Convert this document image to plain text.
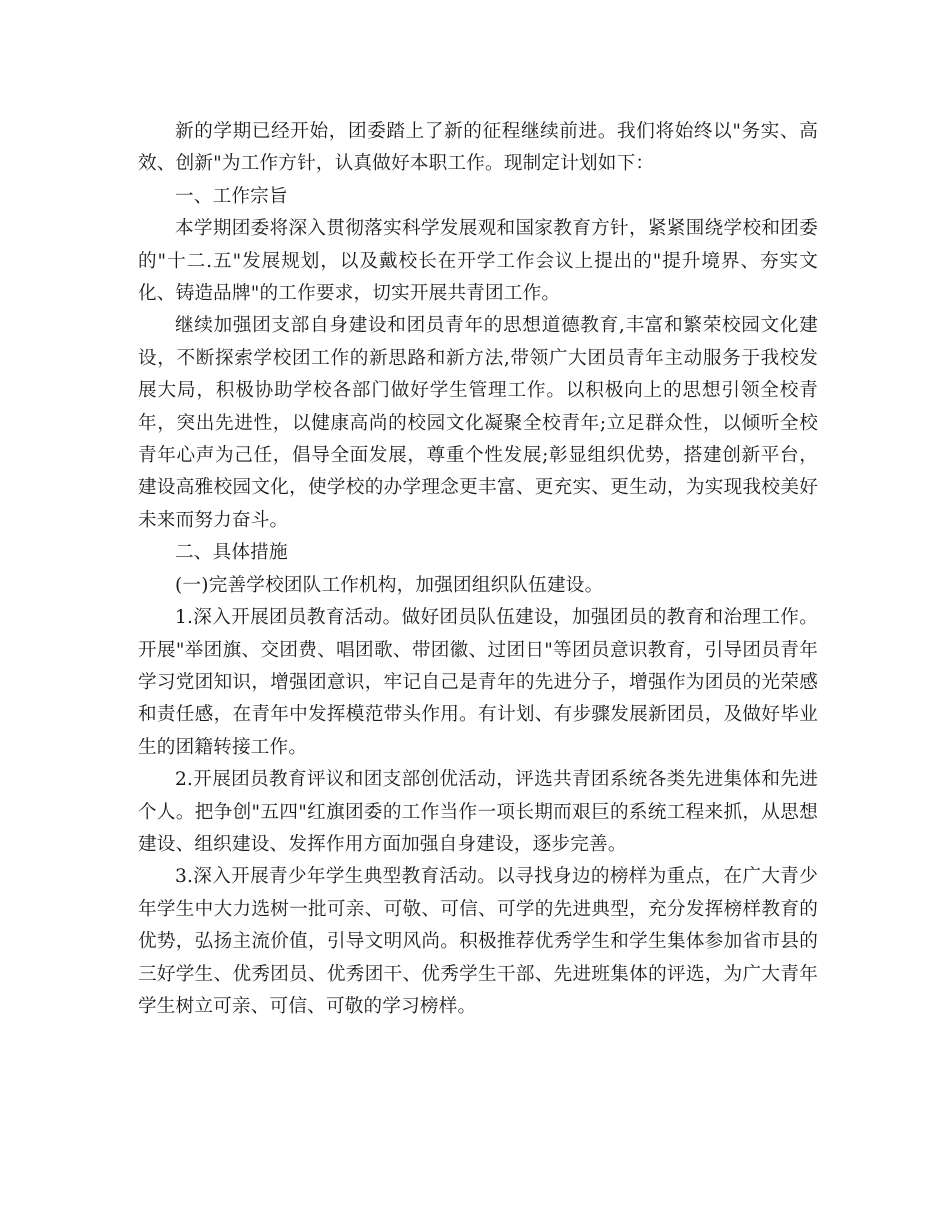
新的学期已经开始，团委踏上了新的征程继续前进。我们将始终以"务实、高效、创新"为工作方针，认真做好本职工作。现制定计划如下：

一、工作宗旨

本学期团委将深入贯彻落实科学发展观和国家教育方针，紧紧围绕学校和团委的"十二.五"发展规划，以及戴校长在开学工作会议上提出的"提升境界、夯实文化、铸造品牌"的工作要求，切实开展共青团工作。

继续加强团支部自身建设和团员青年的思想道德教育,丰富和繁荣校园文化建设，不断探索学校团工作的新思路和新方法,带领广大团员青年主动服务于我校发展大局，积极协助学校各部门做好学生管理工作。以积极向上的思想引领全校青年，突出先进性，以健康高尚的校园文化凝聚全校青年;立足群众性，以倾听全校青年心声为己任，倡导全面发展，尊重个性发展;彰显组织优势，搭建创新平台，建设高雅校园文化，使学校的办学理念更丰富、更充实、更生动，为实现我校美好未来而努力奋斗。

二、具体措施

(一)完善学校团队工作机构，加强团组织队伍建设。

1.深入开展团员教育活动。做好团员队伍建设，加强团员的教育和治理工作。开展"举团旗、交团费、唱团歌、带团徽、过团日"等团员意识教育，引导团员青年学习党团知识，增强团意识，牢记自己是青年的先进分子，增强作为团员的光荣感和责任感，在青年中发挥模范带头作用。有计划、有步骤发展新团员，及做好毕业生的团籍转接工作。

2.开展团员教育评议和团支部创优活动，评选共青团系统各类先进集体和先进个人。把争创"五四"红旗团委的工作当作一项长期而艰巨的系统工程来抓，从思想建设、组织建设、发挥作用方面加强自身建设，逐步完善。

3.深入开展青少年学生典型教育活动。以寻找身边的榜样为重点，在广大青少年学生中大力选树一批可亲、可敬、可信、可学的先进典型，充分发挥榜样教育的优势，弘扬主流价值，引导文明风尚。积极推荐优秀学生和学生集体参加省市县的三好学生、优秀团员、优秀团干、优秀学生干部、先进班集体的评选，为广大青年学生树立可亲、可信、可敬的学习榜样。
